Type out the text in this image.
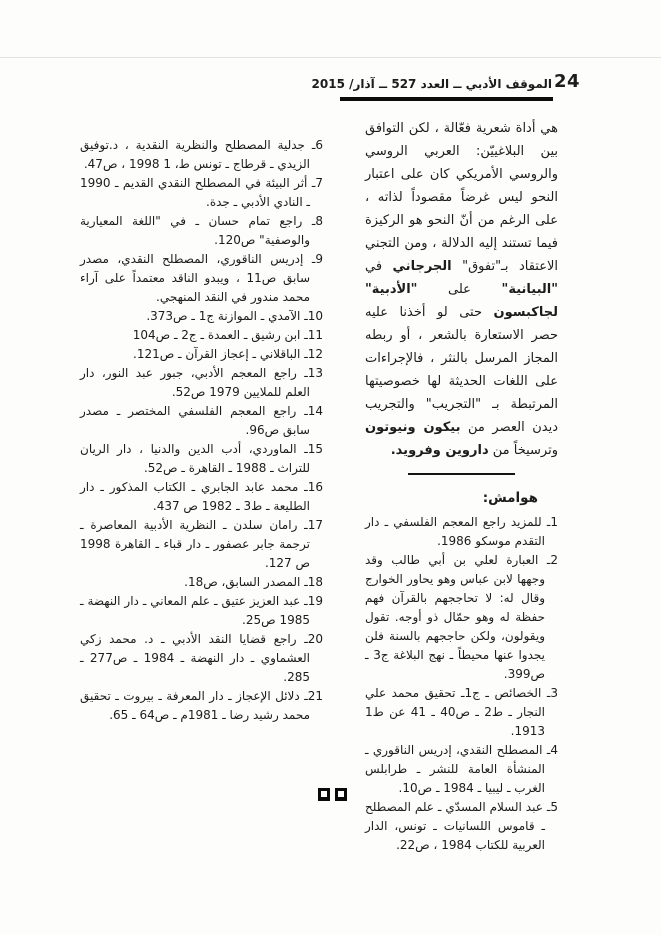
24
الموقف الأدبي ــ العدد 527 ــ آذار/ 2015

هي أداة شعرية فعّالة ، لكن التوافق بين البلاغييّن: العربي الروسي والروسي الأمريكي كان على اعتبار النحو ليس غرضاً مقصوداً لذاته ، على الرغم من أنّ النحو هو الركيزة فيما تستند إليه الدلالة ، ومن التجني الاعتقاد بـ"تفوق" الجرجاني في "البيانية" على "الأدبية" لجاكبسون حتى لو أخذنا عليه حصر الاستعارة بالشعر ، أو ربطه المجاز المرسل بالنثر ، فالإجراءات على اللغات الحديثة لها خصوصيتها المرتبطة بـ "التجريب" والتجريب ديدن العصر من بيكون ونيوتون وترسيخاً من داروين وفرويد.

هوامش:
1ـ للمزيد راجع المعجم الفلسفي ـ دار التقدم موسكو 1986.
2ـ العبارة لعلي بن أبي طالب وقد وجهها لابن عباس وهو يحاور الخوارج وقال له: لا تحاججهم بالقرآن فهم حفظة له وهو حمّال ذو أوجه. تقول ويقولون، ولكن حاججهم بالسنة فلن يجدوا عنها محيطاً ـ نهج البلاغة ج3 ـ ص399.
3ـ الخصائص ـ ج1ـ تحقيق محمد علي النجار ـ ط2 ـ ص40 ـ 41 عن ط1 1913.
4ـ المصطلح النقدي، إدريس الناقوري ـ المنشأة العامة للنشر ـ طرابلس الغرب ـ ليبيا ـ 1984 ـ ص10.
5ـ عبد السلام المسدّي ـ علم المصطلح ـ قاموس اللسانيات ـ تونس، الدار العربية للكتاب 1984 ، ص22.
6ـ جدلية المصطلح والنظرية النقدية ، د.توفيق الزيدي ـ قرطاج ـ تونس ط، 1 1998 ، ص47.
7ـ أثر البيئة في المصطلح النقدي القديم ـ 1990 ـ النادي الأدبي ـ جدة.
8ـ راجع تمام حسان ـ في "اللغة المعيارية والوصفية" ص120.
9ـ إدريس الناقوري، المصطلح النقدي، مصدر سابق ص11 ، ويبدو الناقد معتمداً على آراء محمد مندور في النقد المنهجي.
10ـ الآمدي ـ الموازنة ج1 ـ ص373.
11ـ ابن رشيق ـ العمدة ـ ج2 ـ ص104
12ـ الباقلاني ـ إعجاز القرآن ـ ص121.
13ـ راجع المعجم الأدبي، جبور عبد النور، دار العلم للملايين 1979 ص52.
14ـ راجع المعجم الفلسفي المختصر ـ مصدر سابق ص96.
15ـ الماوردي، أدب الدين والدنيا ، دار الريان للتراث ـ 1988 ـ القاهرة ـ ص52.
16ـ محمد عابد الجابري ـ الكتاب المذكور ـ دار الطليعة ـ ط3 ـ 1982 ص 437.
17ـ رامان سلدن ـ النظرية الأدبية المعاصرة ـ ترجمة جابر عصفور ـ دار قباء ـ القاهرة 1998 ص 127.
18ـ المصدر السابق، ص18.
19ـ عبد العزيز عتيق ـ علم المعاني ـ دار النهضة ـ 1985 ص25.
20ـ راجع قضايا النقد الأدبي ـ د. محمد زكي العشماوي ـ دار النهضة ـ 1984 ـ ص277 ـ 285.
21ـ دلائل الإعجاز ـ دار المعرفة ـ بيروت ـ تحقيق محمد رشيد رضا ـ 1981م ـ ص64 ـ 65.
